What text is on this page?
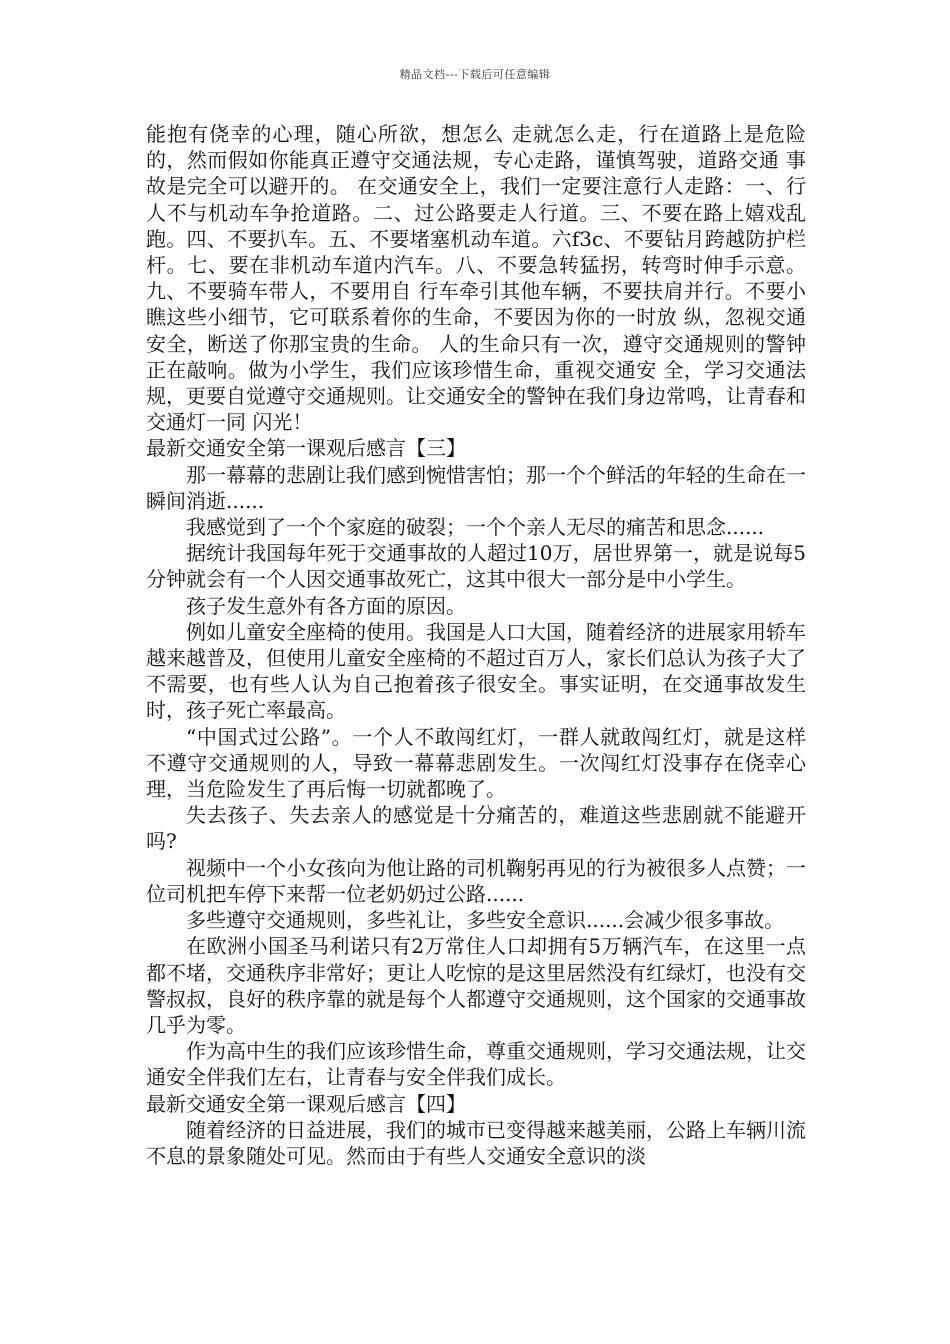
精品文档---下载后可任意编辑

能抱有侥幸的心理，随心所欲，想怎么 走就怎么走，行在道路上是危险的，然而假如你能真正遵守交通法规，专心走路，谨慎驾驶，道路交通 事故是完全可以避开的。 在交通安全上，我们一定要注意行人走路：一、行人不与机动车争抢道路。二、过公路要走人行道。三、不要在路上嬉戏乱跑。四、不要扒车。五、不要堵塞机动车道。六f3c、不要钻月跨越防护栏 杆。七、要在非机动车道内汽车。八、不要急转猛拐，转弯时伸手示意。九、不要骑车带人，不要用自 行车牵引其他车辆，不要扶肩并行。不要小瞧这些小细节，它可联系着你的生命，不要因为你的一时放 纵，忽视交通安全，断送了你那宝贵的生命。 人的生命只有一次，遵守交通规则的警钟正在敲响。做为小学生，我们应该珍惜生命，重视交通安 全，学习交通法规，更要自觉遵守交通规则。让交通安全的警钟在我们身边常鸣，让青春和交通灯一同 闪光！

最新交通安全第一课观后感言【三】

那一幕幕的悲剧让我们感到惋惜害怕；那一个个鲜活的年轻的生命在一瞬间消逝......

我感觉到了一个个家庭的破裂；一个个亲人无尽的痛苦和思念......

据统计我国每年死于交通事故的人超过10万，居世界第一，就是说每5分钟就会有一个人因交通事故死亡，这其中很大一部分是中小学生。

孩子发生意外有各方面的原因。

例如儿童安全座椅的使用。我国是人口大国，随着经济的进展家用轿车越来越普及，但使用儿童安全座椅的不超过百万人，家长们总认为孩子大了不需要，也有些人认为自己抱着孩子很安全。事实证明，在交通事故发生时，孩子死亡率最高。

“中国式过公路”。一个人不敢闯红灯，一群人就敢闯红灯，就是这样不遵守交通规则的人，导致一幕幕悲剧发生。一次闯红灯没事存在侥幸心理，当危险发生了再后悔一切就都晚了。

失去孩子、失去亲人的感觉是十分痛苦的，难道这些悲剧就不能避开吗?

视频中一个小女孩向为他让路的司机鞠躬再见的行为被很多人点赞；一位司机把车停下来帮一位老奶奶过公路......

多些遵守交通规则，多些礼让，多些安全意识......会减少很多事故。

在欧洲小国圣马利诺只有2万常住人口却拥有5万辆汽车，在这里一点都不堵，交通秩序非常好；更让人吃惊的是这里居然没有红绿灯，也没有交警叔叔，良好的秩序靠的就是每个人都遵守交通规则，这个国家的交通事故几乎为零。

作为高中生的我们应该珍惜生命，尊重交通规则，学习交通法规，让交通安全伴我们左右，让青春与安全伴我们成长。

最新交通安全第一课观后感言【四】

随着经济的日益进展，我们的城市已变得越来越美丽，公路上车辆川流不息的景象随处可见。然而由于有些人交通安全意识的淡
